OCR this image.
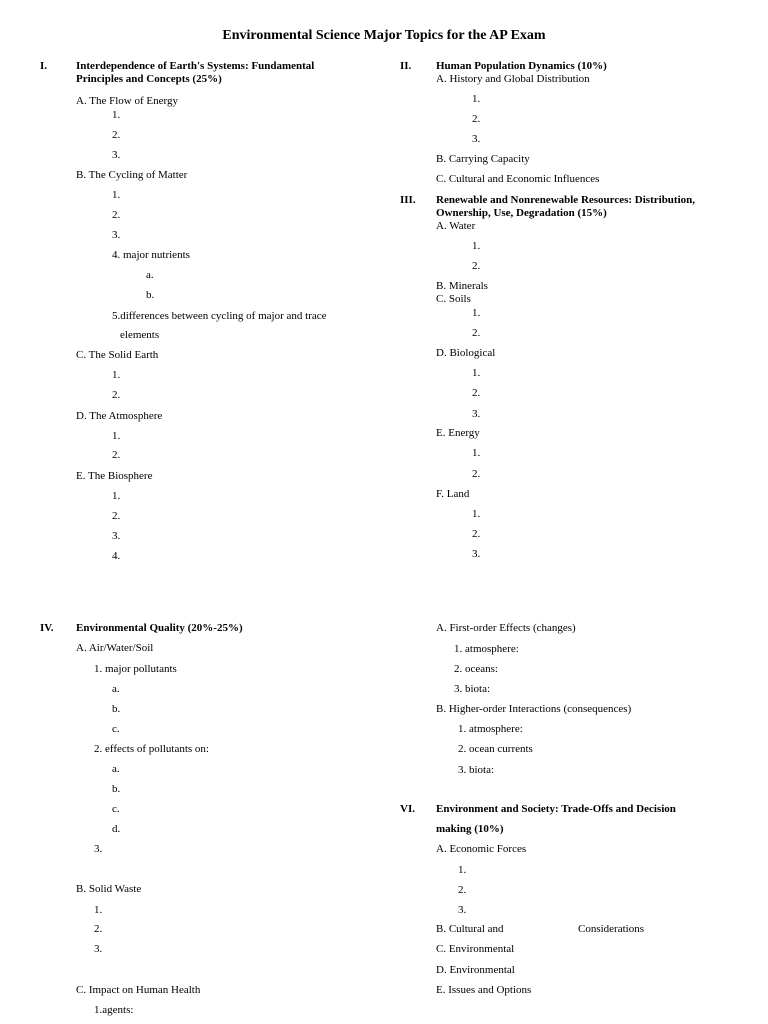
Environmental Science Major Topics for the AP Exam
I.	Interdependence of Earth's Systems: Fundamental
Principles and Concepts (25%)
A. The Flow of Energy
1.
2.
3.
B. The Cycling of Matter
1.
2.
3.
4. major nutrients
a.
b.
5.differences between cycling of major and trace
elements
C. The Solid Earth
1.
2.
D. The Atmosphere
1.
2.
E. The Biosphere
1.
2.
3.
4.
II. Human Population Dynamics (10%)
A. History and Global Distribution
1.
2.
3.
B. Carrying Capacity
C. Cultural and Economic Influences
III. Renewable and Nonrenewable Resources: Distribution,
Ownership, Use, Degradation (15%)
A. Water
1.
2.
B. Minerals
C. Soils
1.
2.
D. Biological
1.
2.
3.
E. Energy
1.
2.
F. Land
1.
2.
3.
IV. Environmental Quality (20%-25%)
A. Air/Water/Soil
1. major pollutants
a.
b.
c.
2. effects of pollutants on:
a.
b.
c.
d.
3.
B. Solid Waste
1.
2.
3.
C. Impact on Human Health
1.agents:
A. First-order Effects (changes)
1. atmosphere:
2. oceans:
3. biota:
B. Higher-order Interactions (consequences)
1. atmosphere:
2. ocean currents
3. biota:
VI. Environment and Society: Trade-Offs and Decision
making (10%)
A. Economic Forces
1.
2.
3.
B. Cultural and	Considerations
C. Environmental
D. Environmental
E. Issues and Options
